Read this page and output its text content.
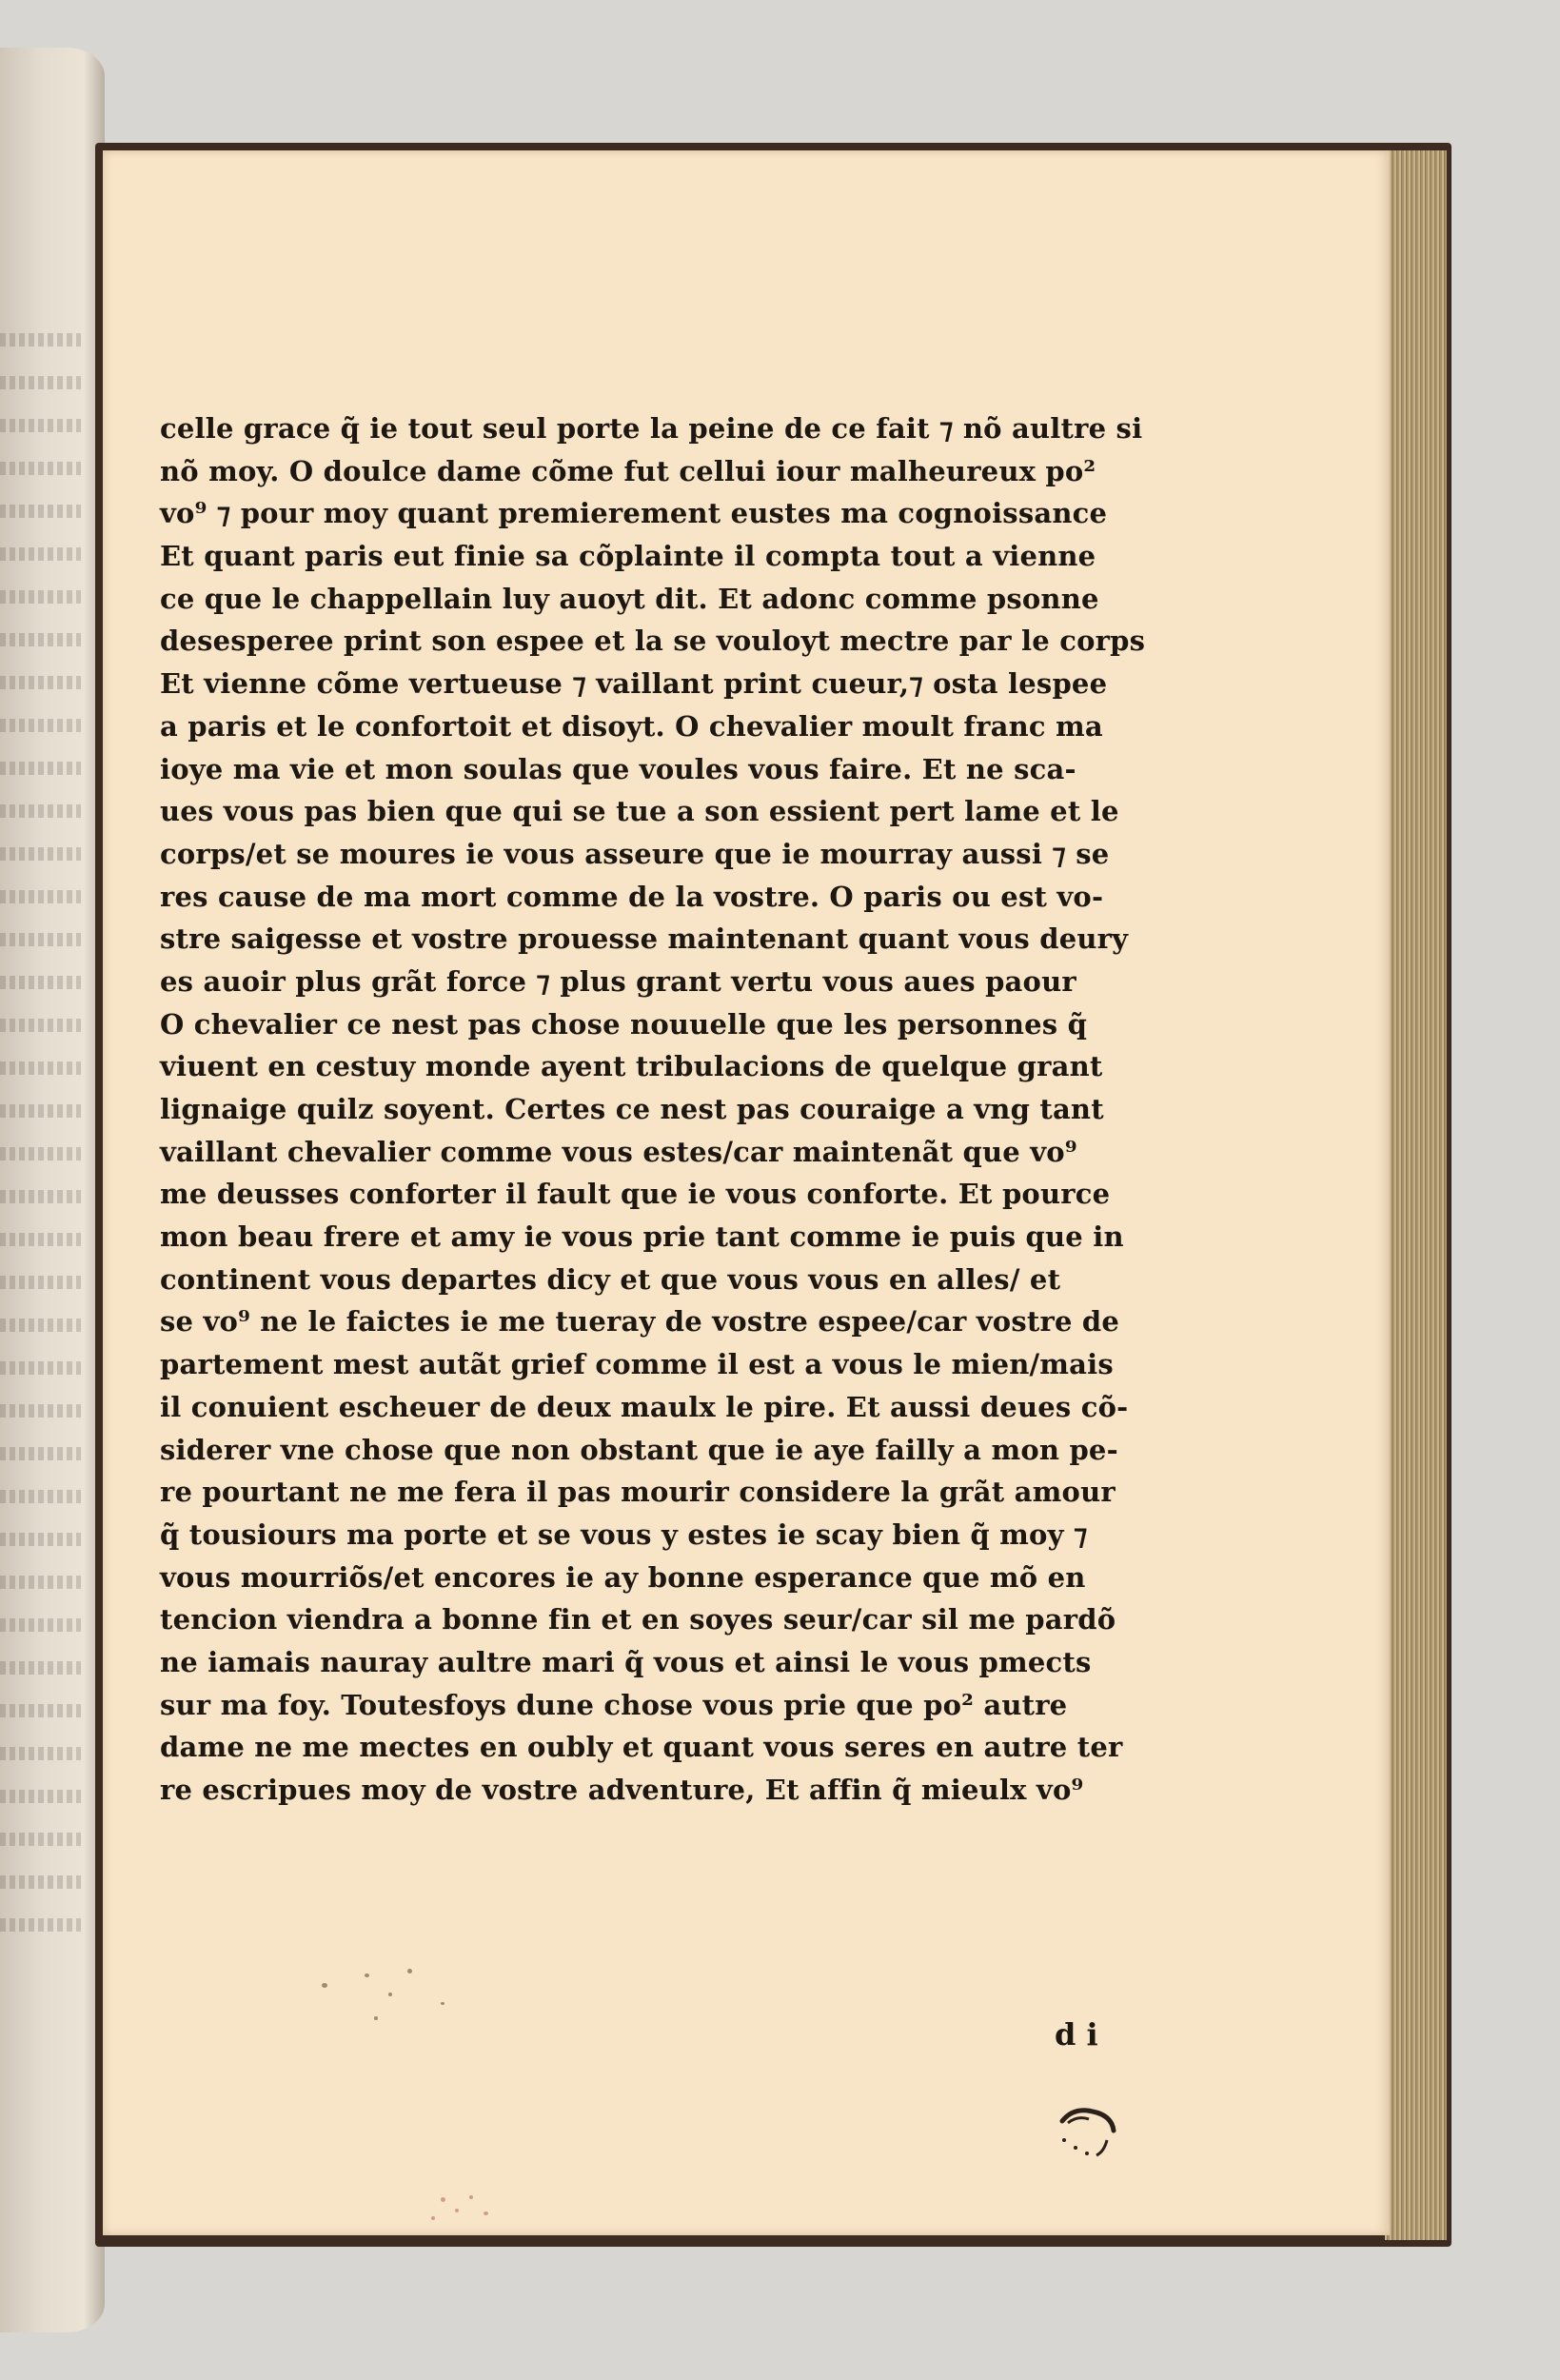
celle grace q̃ ie tout seul porte la peine de ce fait ⁊ nõ aultre si
nõ moy. O doulce dame cõme fut cellui iour malheureux po²
vo⁹ ⁊ pour moy quant premierement eustes ma cognoissance
Et quant paris eut finie sa cõplainte il compta tout a vienne
ce que le chappellain luy auoyt dit. Et adonc comme psonne
desesperee print son espee et la se vouloyt mectre par le corps
Et vienne cõme vertueuse ⁊ vaillant print cueur,⁊ osta lespee
a paris et le confortoit et disoyt. O chevalier moult franc ma
ioye ma vie et mon soulas que voules vous faire. Et ne sca-
ues vous pas bien que qui se tue a son essient pert lame et le
corps/et se moures ie vous asseure que ie mourray aussi ⁊ se
res cause de ma mort comme de la vostre. O paris ou est vo-
stre saigesse et vostre prouesse maintenant quant vous deury
es auoir plus grãt force ⁊ plus grant vertu vous aues paour
O chevalier ce nest pas chose nouuelle que les personnes q̃
viuent en cestuy monde ayent tribulacions de quelque grant
lignaige quilz soyent. Certes ce nest pas couraige a vng tant
vaillant chevalier comme vous estes/car maintenãt que vo⁹
me deusses conforter il fault que ie vous conforte. Et pource
mon beau frere et amy ie vous prie tant comme ie puis que in
continent vous departes dicy et que vous vous en alles/ et
se vo⁹ ne le faictes ie me tueray de vostre espee/car vostre de
partement mest autãt grief comme il est a vous le mien/mais
il conuient escheuer de deux maulx le pire. Et aussi deues cõ-
siderer vne chose que non obstant que ie aye failly a mon pe-
re pourtant ne me fera il pas mourir considere la grãt amour
q̃ tousiours ma porte et se vous y estes ie scay bien q̃ moy ⁊
vous mourriõs/et encores ie ay bonne esperance que mõ en
tencion viendra a bonne fin et en soyes seur/car sil me pardõ
ne iamais nauray aultre mari q̃ vous et ainsi le vous pmects
sur ma foy. Toutesfoys dune chose vous prie que po² autre
dame ne me mectes en oubly et quant vous seres en autre ter
re escripues moy de vostre adventure, Et affin q̃ mieulx vo⁹
d i
